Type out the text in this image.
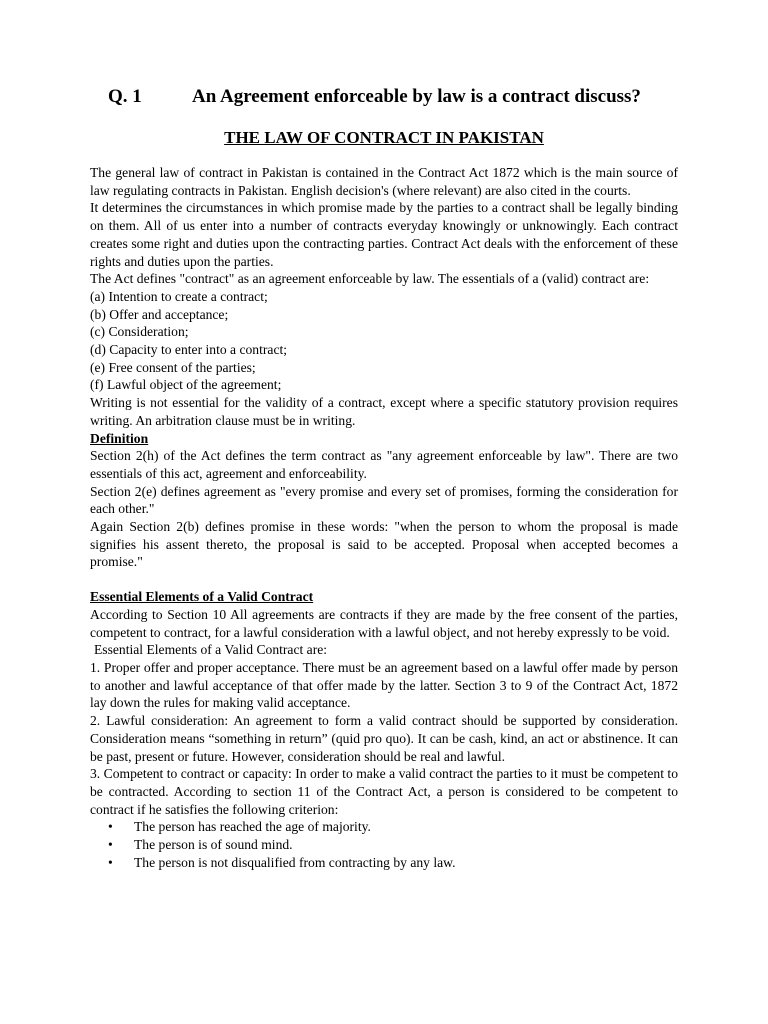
Q. 1	An Agreement enforceable by law is a contract discuss?
THE LAW OF CONTRACT IN PAKISTAN

The general law of contract in Pakistan is contained in the Contract Act 1872 which is the main source of law regulating contracts in Pakistan. English decision's (where relevant) are also cited in the courts.

It determines the circumstances in which promise made by the parties to a contract shall be legally binding on them. All of us enter into a number of contracts everyday knowingly or unknowingly. Each contract creates some right and duties upon the contracting parties. Contract Act deals with the enforcement of these rights and duties upon the parties.

The Act defines "contract" as an agreement enforceable by law. The essentials of a (valid) contract are:

(a) Intention to create a contract;

(b) Offer and acceptance;

(c) Consideration;

(d) Capacity to enter into a contract;

(e) Free consent of the parties;

(f) Lawful object of the agreement;

Writing is not essential for the validity of a contract, except where a specific statutory provision requires writing. An arbitration clause must be in writing.

Definition

Section 2(h) of the Act defines the term contract as "any agreement enforceable by law". There are two essentials of this act, agreement and enforceability.

Section 2(e) defines agreement as "every promise and every set of promises, forming the consideration for each other."

Again Section 2(b) defines promise in these words: "when the person to whom the proposal is made signifies his assent thereto, the proposal is said to be accepted. Proposal when accepted becomes a promise."

Essential Elements of a Valid Contract

According to Section 10 All agreements are contracts if they are made by the free consent of the parties, competent to contract, for a lawful consideration with a lawful object, and not hereby expressly to be void.

Essential Elements of a Valid Contract are:

1. Proper offer and proper acceptance. There must be an agreement based on a lawful offer made by person to another and lawful acceptance of that offer made by the latter. Section 3 to 9 of the Contract Act, 1872 lay down the rules for making valid acceptance.

2. Lawful consideration: An agreement to form a valid contract should be supported by consideration. Consideration means “something in return” (quid pro quo). It can be cash, kind, an act or abstinence. It can be past, present or future. However, consideration should be real and lawful.

3. Competent to contract or capacity: In order to make a valid contract the parties to it must be competent to be contracted. According to section 11 of the Contract Act, a person is considered to be competent to contract if he satisfies the following criterion:

• The person has reached the age of majority.
• The person is of sound mind.
• The person is not disqualified from contracting by any law.
